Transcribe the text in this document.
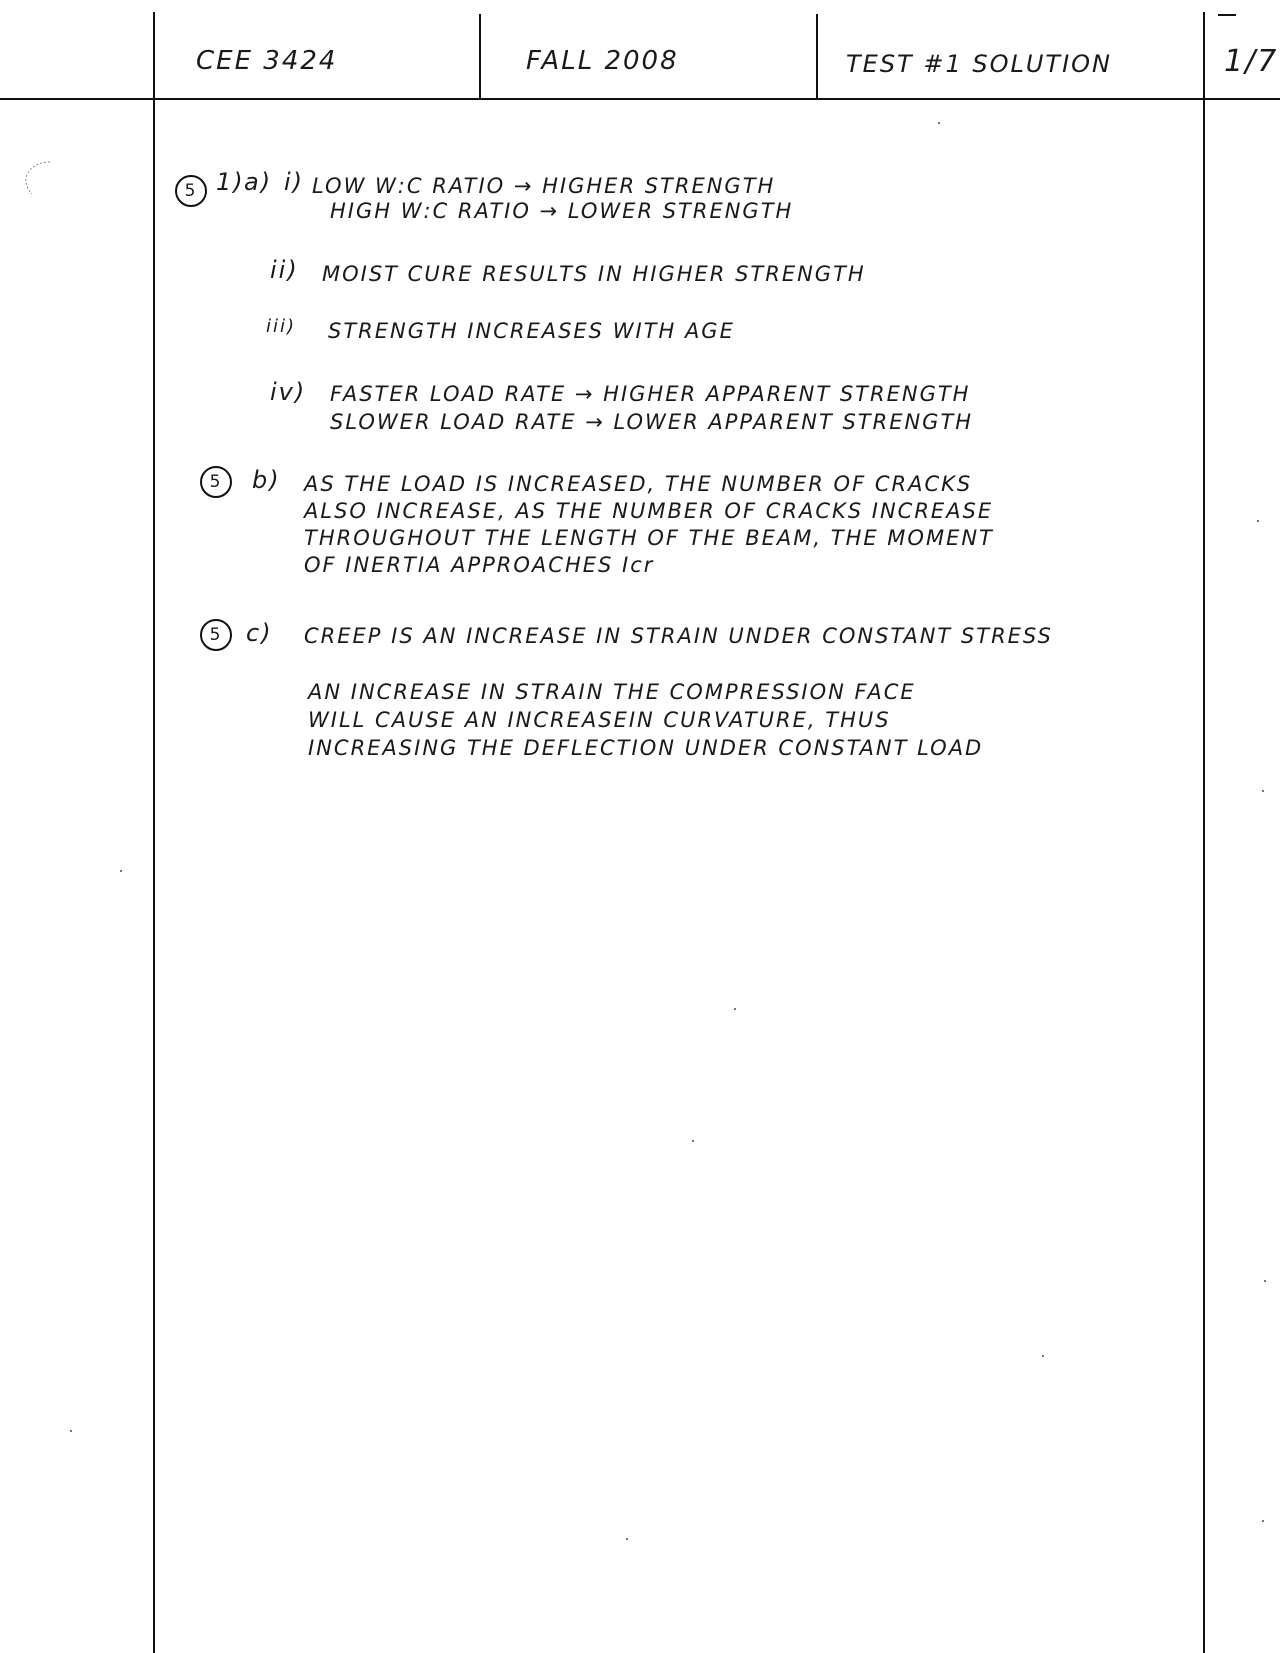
CEE 3424	FALL 2008	TEST #1 SOLUTION	1/7
5 1) a) i) LOW W:C RATIO → HIGHER STRENGTH
HIGH W:C RATIO → LOWER STRENGTH
ii) MOIST CURE RESULTS IN HIGHER STRENGTH
iii) STRENGTH INCREASES WITH AGE
iv) FASTER LOAD RATE → HIGHER APPARENT STRENGTH
SLOWER LOAD RATE → LOWER APPARENT STRENGTH
5	b) AS THE LOAD IS INCREASED, THE NUMBER OF CRACKS
ALSO INCREASE, AS THE NUMBER OF CRACKS INCREASE
THROUGHOUT THE LENGTH OF THE BEAM, THE MOMENT
OF INERTIA APPROACHES Icr
5 c) CREEP IS AN INCREASE IN STRAIN UNDER CONSTANT STRESS
AN INCREASE IN STRAIN THE COMPRESSION FACE
WILL CAUSE AN INCREASEIN CURVATURE, THUS
INCREASING THE DEFLECTION UNDER CONSTANT LOAD
